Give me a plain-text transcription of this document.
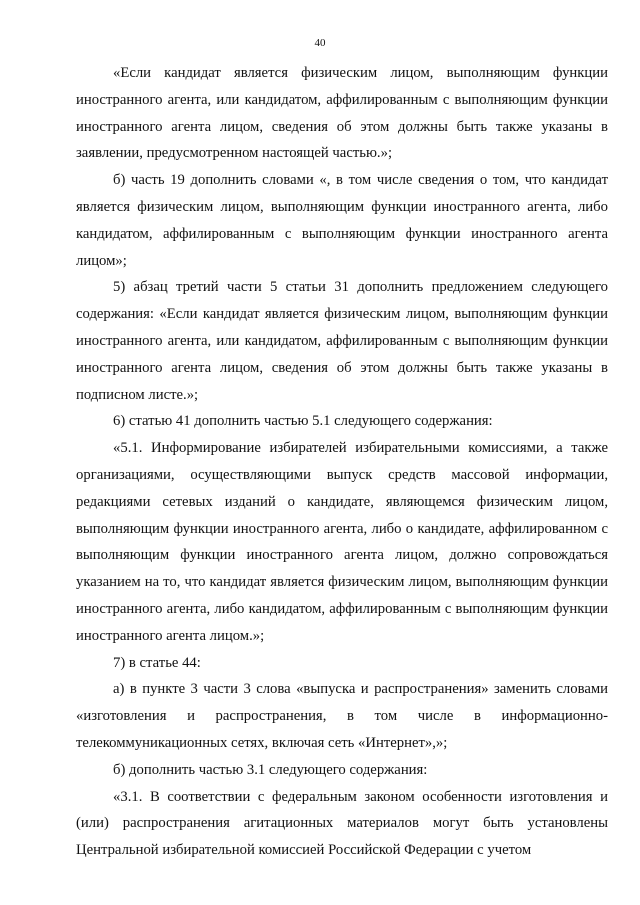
40

«Если кандидат является физическим лицом, выполняющим функции иностранного агента, или кандидатом, аффилированным с выполняющим функции иностранного агента лицом, сведения об этом должны быть также указаны в заявлении, предусмотренном настоящей частью.»;

б) часть 19 дополнить словами «, в том числе сведения о том, что кандидат является физическим лицом, выполняющим функции иностранного агента, либо кандидатом, аффилированным с выполняющим функции иностранного агента лицом»;

5) абзац третий части 5 статьи 31 дополнить предложением следующего содержания: «Если кандидат является физическим лицом, выполняющим функции иностранного агента, или кандидатом, аффилированным с выполняющим функции иностранного агента лицом, сведения об этом должны быть также указаны в подписном листе.»;

6) статью 41 дополнить частью 5.1 следующего содержания:

«5.1. Информирование избирателей избирательными комиссиями, а также организациями, осуществляющими выпуск средств массовой информации, редакциями сетевых изданий о кандидате, являющемся физическим лицом, выполняющим функции иностранного агента, либо о кандидате, аффилированном с выполняющим функции иностранного агента лицом, должно сопровождаться указанием на то, что кандидат является физическим лицом, выполняющим функции иностранного агента, либо кандидатом, аффилированным с выполняющим функции иностранного агента лицом.»;

7) в статье 44:

а) в пункте 3 части 3 слова «выпуска и распространения» заменить словами «изготовления и распространения, в том числе в информационно-телекоммуникационных сетях, включая сеть «Интернет»,»;

б) дополнить частью 3.1 следующего содержания:

«3.1. В соответствии с федеральным законом особенности изготовления и (или) распространения агитационных материалов могут быть установлены Центральной избирательной комиссией Российской Федерации с учетом
